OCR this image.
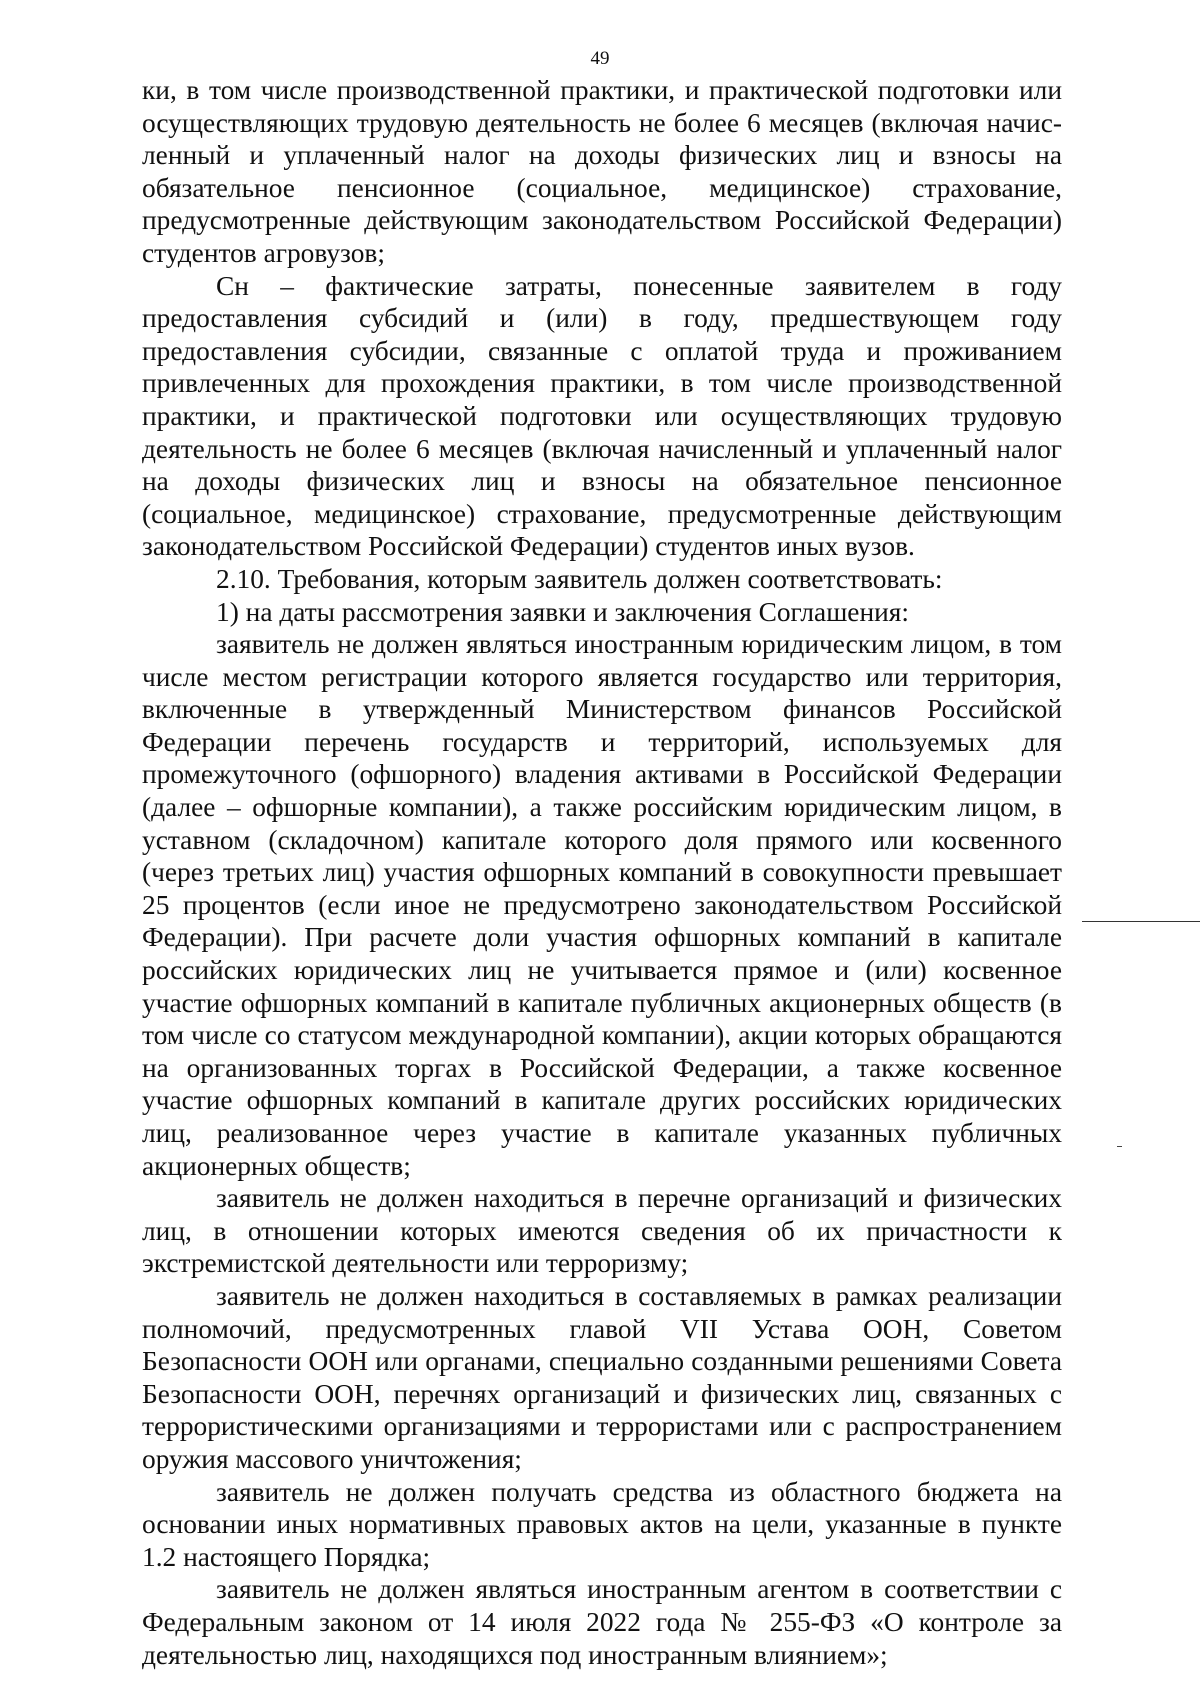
49

ки, в том числе производственной практики, и практической подготовки или осуществляющих трудовую деятельность не более 6 месяцев (включая начисленный и уплаченный налог на доходы физических лиц и взносы на обязательное пенсионное (социальное, медицинское) страхование, предусмотренные действующим законодательством Российской Федерации) студентов агровузов;

Сн – фактические затраты, понесенные заявителем в году предоставления субсидий и (или) в году, предшествующем году предоставления субсидии, связанные с оплатой труда и проживанием привлеченных для прохождения практики, в том числе производственной практики, и практической подготовки или осуществляющих трудовую деятельность не более 6 месяцев (включая начисленный и уплаченный налог на доходы физических лиц и взносы на обязательное пенсионное (социальное, медицинское) страхование, предусмотренные действующим законодательством Российской Федерации) студентов иных вузов.

2.10. Требования, которым заявитель должен соответствовать:

1) на даты рассмотрения заявки и заключения Соглашения:

заявитель не должен являться иностранным юридическим лицом, в том числе местом регистрации которого является государство или территория, включенные в утвержденный Министерством финансов Российской Федерации перечень государств и территорий, используемых для промежуточного (офшорного) владения активами в Российской Федерации (далее – офшорные компании), а также российским юридическим лицом, в уставном (складочном) капитале которого доля прямого или косвенного (через третьих лиц) участия офшорных компаний в совокупности превышает 25 процентов (если иное не предусмотрено законодательством Российской Федерации). При расчете доли участия офшорных компаний в капитале российских юридических лиц не учитывается прямое и (или) косвенное участие офшорных компаний в капитале публичных акционерных обществ (в том числе со статусом международной компании), акции которых обращаются на организованных торгах в Российской Федерации, а также косвенное участие офшорных компаний в капитале других российских юридических лиц, реализованное через участие в капитале указанных публичных акционерных обществ;

заявитель не должен находиться в перечне организаций и физических лиц, в отношении которых имеются сведения об их причастности к экстремистской деятельности или терроризму;

заявитель не должен находиться в составляемых в рамках реализации полномочий, предусмотренных главой VII Устава ООН, Советом Безопасности ООН или органами, специально созданными решениями Совета Безопасности ООН, перечнях организаций и физических лиц, связанных с террористическими организациями и террористами или с распространением оружия массового уничтожения;

заявитель не должен получать средства из областного бюджета на основании иных нормативных правовых актов на цели, указанные в пункте 1.2 настоящего Порядка;

заявитель не должен являться иностранным агентом в соответствии с Федеральным законом от 14 июля 2022 года № 255-ФЗ «О контроле за деятельностью лиц, находящихся под иностранным влиянием»;
